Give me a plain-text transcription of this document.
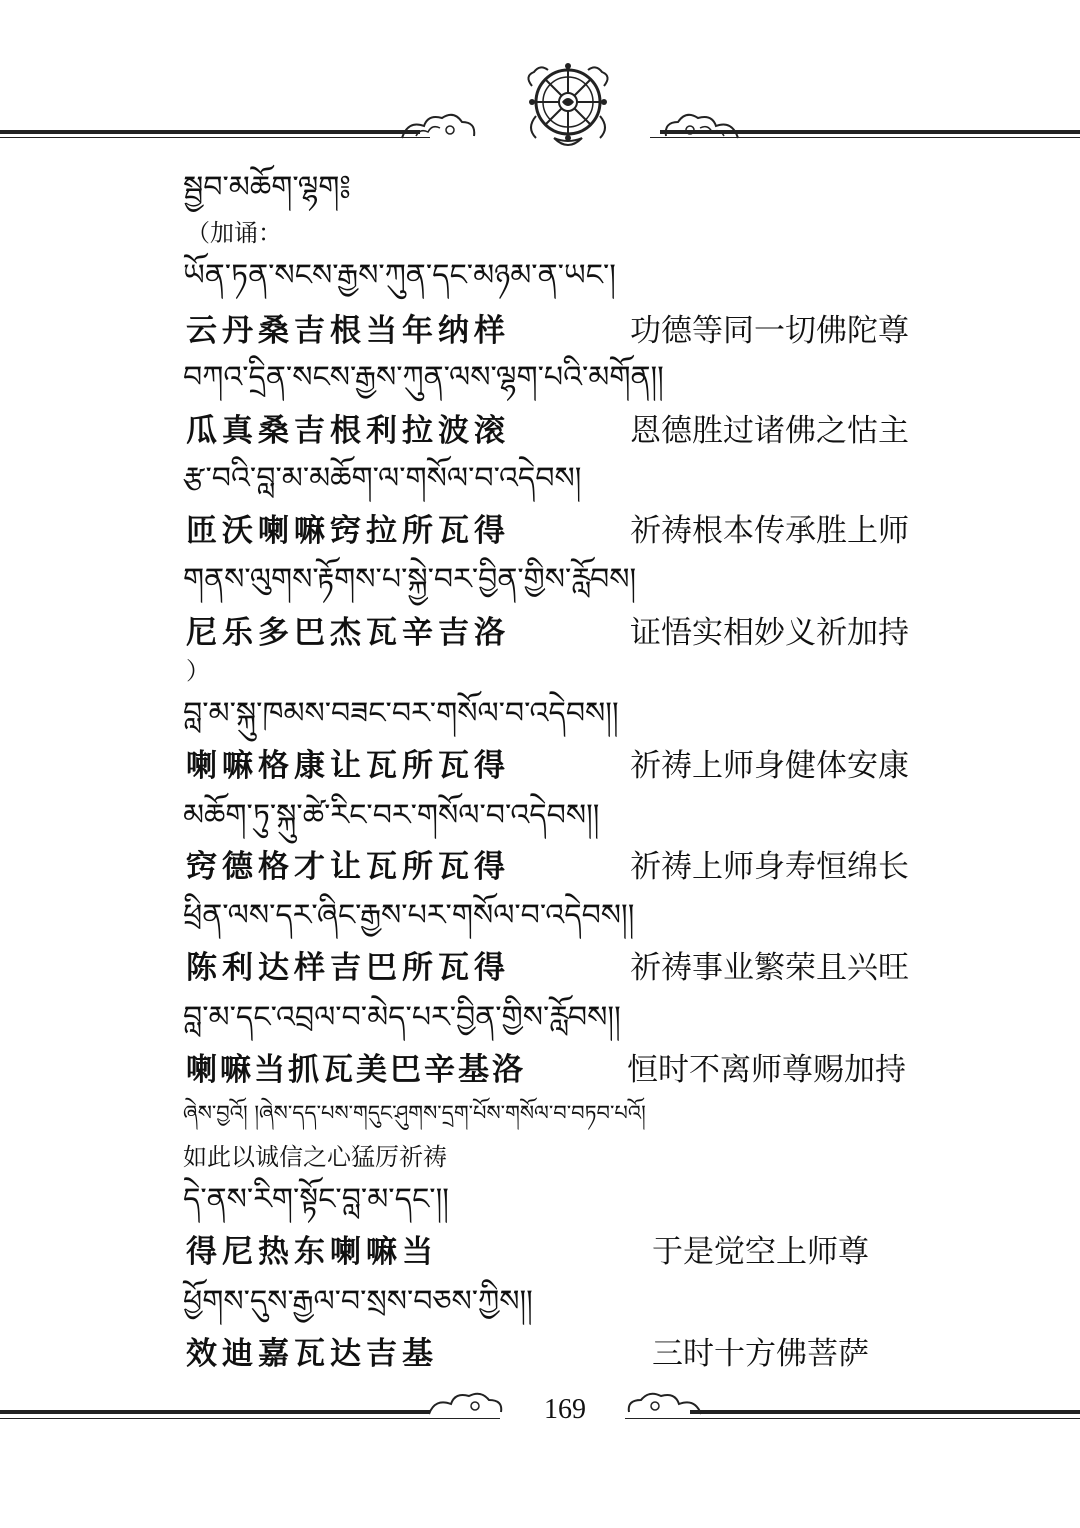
སྦྱབ་མཆོག་ལྷག༔
（加诵：
ཡོན་ཏན་སངས་རྒྱས་ཀུན་དང་མཉམ་ན་ཡང་།
云丹桑吉根当年纳样	功德等同一切佛陀尊
བཀའ་དྲིན་སངས་རྒྱས་ཀུན་ལས་ལྷག་པའི་མགོན།།
瓜真桑吉根利拉波滚	恩德胜过诸佛之怙主
རྩ་བའི་བླ་མ་མཆོག་ལ་གསོལ་བ་འདེབས།
匝沃喇嘛窍拉所瓦得	祈祷根本传承胜上师
གནས་ལུགས་རྟོགས་པ་སྐྱེ་བར་བྱིན་གྱིས་རློབས།
尼乐多巴杰瓦辛吉洛	证悟实相妙义祈加持
）
བླ་མ་སྐུ་ཁམས་བཟང་བར་གསོལ་བ་འདེབས།།
喇嘛格康让瓦所瓦得	祈祷上师身健体安康
མཆོག་ཏུ་སྐུ་ཚེ་རིང་བར་གསོལ་བ་འདེབས།།
窍德格才让瓦所瓦得	祈祷上师身寿恒绵长
ཕྲིན་ལས་དར་ཞིང་རྒྱས་པར་གསོལ་བ་འདེབས།།
陈利达样吉巴所瓦得	祈祷事业繁荣且兴旺
བླ་མ་དང་འབྲལ་བ་མེད་པར་བྱིན་གྱིས་རློབས།།
喇嘛当抓瓦美巴辛基洛	恒时不离师尊赐加持
ཞེས་བྱའོ། །ཞེས་དད་པས་གདུང་ཤུགས་དྲག་པོས་གསོལ་བ་བཏབ་པའོ།
如此以诚信之心猛厉祈祷
དེ་ནས་རིག་སྟོང་བླ་མ་དང་།།
得尼热东喇嘛当	于是觉空上师尊
ཕྱོགས་དུས་རྒྱལ་བ་སྲས་བཅས་ཀྱིས།།
效迪嘉瓦达吉基	三时十方佛菩萨
169
